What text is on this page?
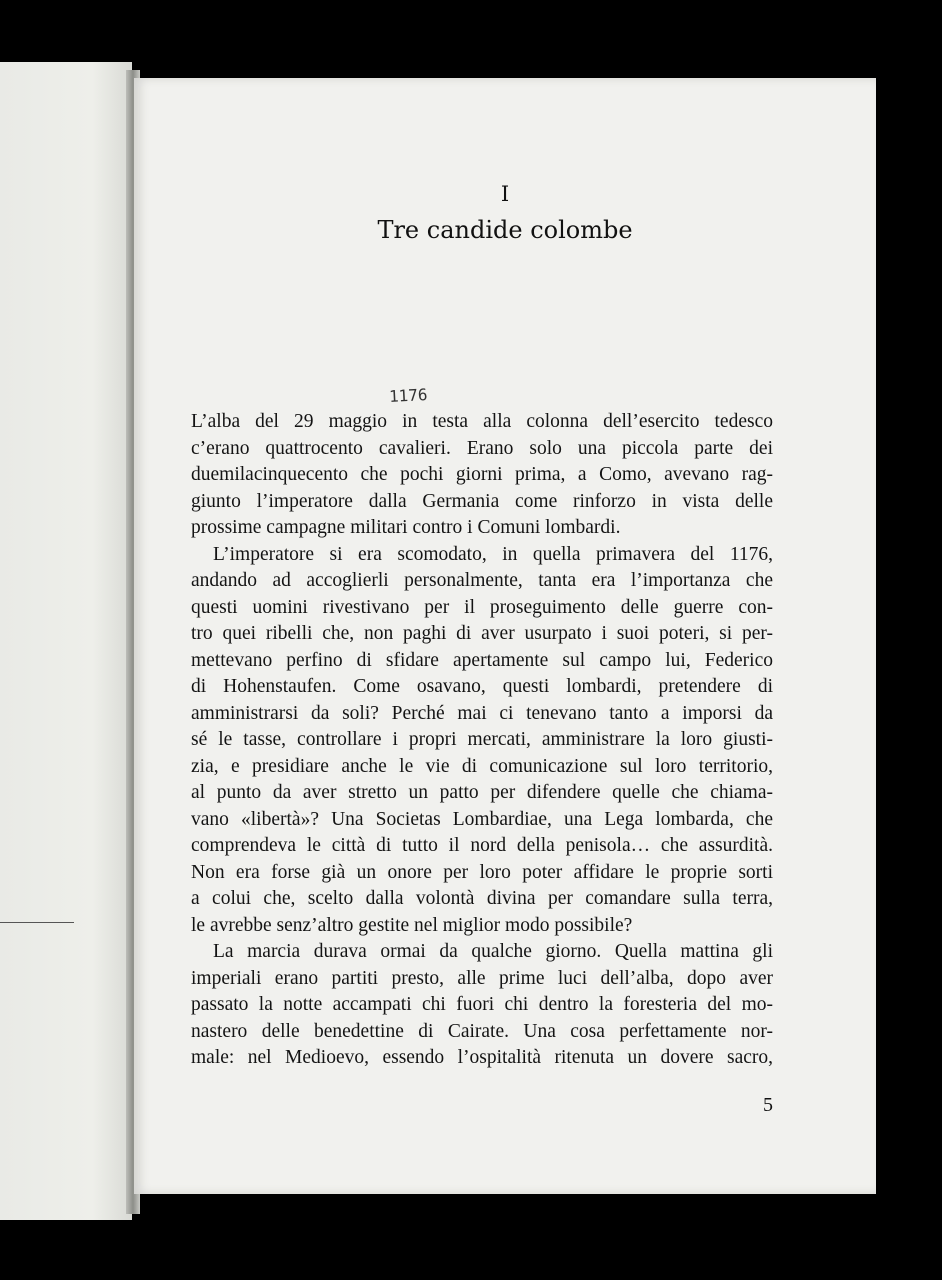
I
Tre candide colombe
1176
L’alba del 29 maggio in testa alla colonna dell’esercito tedesco
c’erano quattrocento cavalieri. Erano solo una piccola parte dei
duemilacinquecento che pochi giorni prima, a Como, avevano rag-
giunto l’imperatore dalla Germania come rinforzo in vista delle
prossime campagne militari contro i Comuni lombardi.
L’imperatore si era scomodato, in quella primavera del 1176,
andando ad accoglierli personalmente, tanta era l’importanza che
questi uomini rivestivano per il proseguimento delle guerre con-
tro quei ribelli che, non paghi di aver usurpato i suoi poteri, si per-
mettevano perfino di sfidare apertamente sul campo lui, Federico
di Hohenstaufen. Come osavano, questi lombardi, pretendere di
amministrarsi da soli? Perché mai ci tenevano tanto a imporsi da
sé le tasse, controllare i propri mercati, amministrare la loro giusti-
zia, e presidiare anche le vie di comunicazione sul loro territorio,
al punto da aver stretto un patto per difendere quelle che chiama-
vano «libertà»? Una Societas Lombardiae, una Lega lombarda, che
comprendeva le città di tutto il nord della penisola… che assurdità.
Non era forse già un onore per loro poter affidare le proprie sorti
a colui che, scelto dalla volontà divina per comandare sulla terra,
le avrebbe senz’altro gestite nel miglior modo possibile?
La marcia durava ormai da qualche giorno. Quella mattina gli
imperiali erano partiti presto, alle prime luci dell’alba, dopo aver
passato la notte accampati chi fuori chi dentro la foresteria del mo-
nastero delle benedettine di Cairate. Una cosa perfettamente nor-
male: nel Medioevo, essendo l’ospitalità ritenuta un dovere sacro,
5
